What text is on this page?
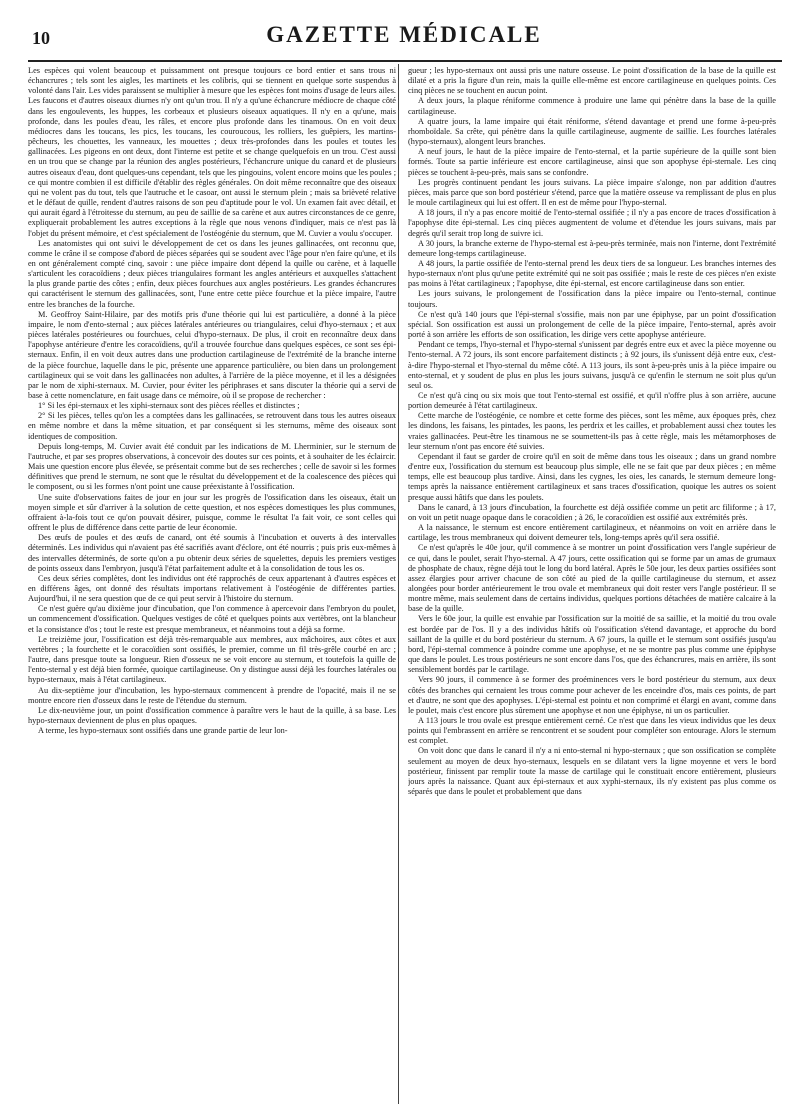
10	GAZETTE MÉDICALE

Les espèces qui volent beaucoup et puissamment ont presque toujours ce bord entier et sans trous ni échancrures ; tels sont les aigles, les martinets et les colibris, qui se tiennent en quelque sorte suspendus à volonté dans l'air. Les vides paraissent se multiplier à mesure que les espèces font moins d'usage de leurs ailes. Les faucons et d'autres oiseaux diurnes n'y ont qu'un trou. Il n'y a qu'une échancrure médiocre de chaque côté dans les engoulevents, les huppes, les corbeaux et plusieurs oiseaux aquatiques. Il n'y en a qu'une, mais profonde, dans les poules d'eau, les râles, et encore plus profonde dans les tinamous. On en voit deux médiocres dans les toucans, les pics, les toucans, les couroucous, les rolliers, les guêpiers, les martins-pêcheurs, les chouettes, les vanneaux, les mouettes ; deux très-profondes dans les poules et toutes les gallinacées. Les pigeons en ont deux, dont l'interne est petite et se change quelquefois en un trou. C'est aussi en un trou que se change par la réunion des angles postérieurs, l'échancrure unique du canard et de plusieurs autres oiseaux d'eau, dont quelques-uns cependant, tels que les pingouins, volent encore moins que les poules ; ce qui montre combien il est difficile d'établir des règles générales. On doit même reconnaître que des oiseaux qui ne volent pas du tout, tels que l'autruche et le casoar, ont aussi le sternum plein ; mais sa brièveté relative et le défaut de quille, rendent d'autres raisons de son peu d'aptitude pour le vol. Un examen fait avec détail, et qui aurait égard à l'étroitesse du sternum, au peu de saillie de sa carène et aux autres circonstances de ce genre, expliquerait probablement les autres exceptions à la règle que nous venons d'indiquer, mais ce n'est pas là l'objet du présent mémoire, et c'est spécialement de l'ostéogénie du sternum, que M. Cuvier a voulu s'occuper.

Les anatomistes qui ont suivi le développement de cet os dans les jeunes gallinacées, ont reconnu que, comme le crâne il se compose d'abord de pièces séparées qui se soudent avec l'âge pour n'en faire qu'une, et ils en ont généralement compté cinq, savoir : une pièce impaire dont dépend la quille ou carène, et à laquelle s'articulent les coracoïdiens ; deux pièces triangulaires formant les angles antérieurs et auxquelles s'attachent la plus grande partie des côtes ; enfin, deux pièces fourchues aux angles postérieurs. Les grandes échancrures qui caractérisent le sternum des gallinacées, sont, l'une entre cette pièce fourchue et la pièce impaire, l'autre entre les branches de la fourche.

M. Geoffroy Saint-Hilaire, par des motifs pris d'une théorie qui lui est particulière, a donné à la pièce impaire, le nom d'ento-sternal ; aux pièces latérales antérieures ou triangulaires, celui d'hyo-sternaux ; et aux pièces latérales postérieures ou fourchues, celui d'hypo-sternaux. De plus, il croit en reconnaître deux dans l'apophyse antérieure d'entre les coracoïdiens, qu'il a trouvée fourchue dans quelques espèces, ce sont ses épi-sternaux. Enfin, il en voit deux autres dans une production cartilagineuse de l'extrémité de la branche interne de la pièce fourchue, laquelle dans le pic, présente une apparence particulière, ou bien dans un prolongement cartilagineux qui se voit dans les gallinacées non adultes, à l'arrière de la pièce moyenne, et il les a désignées par le nom de xiphi-sternaux. M. Cuvier, pour éviter les périphrases et sans discuter la théorie qui a servi de base à cette nomenclature, en fait usage dans ce mémoire, où il se propose de rechercher :

1° Si les épi-sternaux et les xiphi-sternaux sont des pièces réelles et distinctes ;

2° Si les pièces, telles qu'on les a comptées dans les gallinacées, se retrouvent dans tous les autres oiseaux en même nombre et dans la même situation, et par conséquent si les sternums, même des oiseaux sont identiques de composition.

Depuis long-temps, M. Cuvier avait été conduit par les indications de M. Lherminier, sur le sternum de l'autruche, et par ses propres observations, à concevoir des doutes sur ces points, et à souhaiter de les éclaircir. Mais une question encore plus élevée, se présentait comme but de ses recherches ; celle de savoir si les formes définitives que prend le sternum, ne sont que le résultat du développement et de la coalescence des pièces qui le composent, ou si les formes n'ont point une cause préexistante à l'ossification.

Une suite d'observations faites de jour en jour sur les progrès de l'ossification dans les oiseaux, était un moyen simple et sûr d'arriver à la solution de cette question, et nos espèces domestiques les plus communes, offraient à-la-fois tout ce qu'on pouvait désirer, puisque, comme le résultat l'a fait voir, ce sont celles qui offrent le plus de différence dans cette partie de leur économie.

Des œufs de poules et des œufs de canard, ont été soumis à l'incubation et ouverts à des intervalles déterminés. Les individus qui n'avaient pas été sacrifiés avant d'éclore, ont été nourris ; puis pris eux-mêmes à des intervalles déterminés, de sorte qu'on a pu obtenir deux séries de squelettes, depuis les premiers vestiges de points osseux dans l'embryon, jusqu'à l'état parfaitement adulte et à la consolidation de tous les os.

Ces deux séries complètes, dont les individus ont été rapprochés de ceux appartenant à d'autres espèces et en différens âges, ont donné des résultats importans relativement à l'ostéogénie de différentes parties. Aujourd'hui, il ne sera question que de ce qui peut servir à l'histoire du sternum.

Ce n'est guère qu'au dixième jour d'incubation, que l'on commence à apercevoir dans l'embryon du poulet, un commencement d'ossification. Quelques vestiges de côté et quelques points aux vertèbres, ont la blancheur et la consistance d'os ; tout le reste est presque membraneux, et néanmoins tout a déjà sa forme.

Le treizième jour, l'ossification est déjà très-remarquable aux membres, aux mâchoires, aux côtes et aux vertèbres ; la fourchette et le coracoïdien sont ossifiés, le premier, comme un fil très-grêle courbé en arc ; l'autre, dans presque toute sa longueur. Rien d'osseux ne se voit encore au sternum, et toutefois la quille de l'ento-sternal y est déjà bien formée, quoique cartilagineuse. On y distingue aussi déjà les fourches latérales ou hypo-sternaux, mais à l'état cartilagineux.

Au dix-septième jour d'incubation, les hypo-sternaux commencent à prendre de l'opacité, mais il ne se montre encore rien d'osseux dans le reste de l'étendue du sternum.

Le dix-neuvième jour, un point d'ossification commence à paraître vers le haut de la quille, à sa base. Les hypo-sternaux deviennent de plus en plus opaques.

A terme, les hypo-sternaux sont ossifiés dans une grande partie de leur lon-

gueur ; les hypo-sternaux ont aussi pris une nature osseuse. Le point d'ossification de la base de la quille est dilaté et a pris la figure d'un rein, mais la quille elle-même est encore cartilagineuse en quelques points. Ces cinq pièces ne se touchent en aucun point.

A deux jours, la plaque réniforme commence à produire une lame qui pénètre dans la base de la quille cartilagineuse.

A quatre jours, la lame impaire qui était réniforme, s'étend davantage et prend une forme à-peu-près rhomboïdale. Sa crête, qui pénètre dans la quille cartilagineuse, augmente de saillie. Les fourches latérales (hypo-sternaux), alongent leurs branches.

A neuf jours, le haut de la pièce impaire de l'ento-sternal, et la partie supérieure de la quille sont bien formés. Toute sa partie inférieure est encore cartilagineuse, ainsi que son apophyse épi-sternale. Les cinq pièces se touchent à-peu-près, mais sans se confondre.

Les progrès continuent pendant les jours suivans. La pièce impaire s'alonge, non par addition d'autres pièces, mais parce que son bord postérieur s'étend, parce que la matière osseuse va remplissant de plus en plus le moule cartilagineux qui lui est offert. Il en est de même pour l'hypo-sternal.

A 18 jours, il n'y a pas encore moitié de l'ento-sternal ossifiée ; il n'y a pas encore de traces d'ossification à l'apophyse dite épi-sternal. Les cinq pièces augmentent de volume et d'étendue les jours suivans, mais par degrés qu'il serait trop long de suivre ici.

A 30 jours, la branche externe de l'hypo-sternal est à-peu-près terminée, mais non l'interne, dont l'extrémité demeure long-temps cartilagineuse.

A 48 jours, la partie ossifiée de l'ento-sternal prend les deux tiers de sa longueur. Les branches internes des hypo-sternaux n'ont plus qu'une petite extrémité qui ne soit pas ossifiée ; mais le reste de ces pièces n'en existe pas moins à l'état cartilagineux ; l'apophyse, dite épi-sternal, est encore cartilagineuse dans son entier.

Les jours suivans, le prolongement de l'ossification dans la pièce impaire ou l'ento-sternal, continue toujours.

Ce n'est qu'à 140 jours que l'épi-sternal s'ossifie, mais non par une épiphyse, par un point d'ossification spécial. Son ossification est aussi un prolongement de celle de la pièce impaire, l'ento-sternal, après avoir porté à son arrière les efforts de son ossification, les dirige vers cette apophyse antérieure.

Pendant ce temps, l'hyo-sternal et l'hypo-sternal s'unissent par degrés entre eux et avec la pièce moyenne ou l'ento-sternal. A 72 jours, ils sont encore parfaitement distincts ; à 92 jours, ils s'unissent déjà entre eux, c'est-à-dire l'hypo-sternal et l'hyo-sternal du même côté. A 113 jours, ils sont à-peu-près unis à la pièce impaire ou ento-sternal, et y soudent de plus en plus les jours suivans, jusqu'à ce qu'enfin le sternum ne soit plus qu'un seul os.

Ce n'est qu'à cinq ou six mois que tout l'ento-sternal est ossifié, et qu'il n'offre plus à son arrière, aucune portion demeurée à l'état cartilagineux.

Cette marche de l'ostéogénie, ce nombre et cette forme des pièces, sont les même, aux époques près, chez les dindons, les faisans, les pintades, les paons, les perdrix et les cailles, et probablement aussi chez toutes les vraies gallinacées. Peut-être les tinamous ne se soumettent-ils pas à cette règle, mais les métamorphoses de leur sternum n'ont pas encore été suivies.

Cependant il faut se garder de croire qu'il en soit de même dans tous les oiseaux ; dans un grand nombre d'entre eux, l'ossification du sternum est beaucoup plus simple, elle ne se fait que par deux pièces ; en même temps, elle est beaucoup plus tardive. Ainsi, dans les cygnes, les oies, les canards, le sternum demeure long-temps après la naissance entièrement cartilagineux et sans traces d'ossification, quoique les autres os soient presque aussi hâtifs que dans les poulets.

Dans le canard, à 13 jours d'incubation, la fourchette est déjà ossifiée comme un petit arc filiforme ; à 17, on voit un petit nuage opaque dans le coracoïdien ; à 26, le coracoïdien est ossifié aux extrémités près.

A la naissance, le sternum est encore entièrement cartilagineux, et néanmoins on voit en arrière dans le cartilage, les trous membraneux qui doivent demeurer tels, long-temps après qu'il sera ossifié.

Ce n'est qu'après le 40e jour, qu'il commence à se montrer un point d'ossification vers l'angle supérieur de ce qui, dans le poulet, serait l'hyo-sternal. A 47 jours, cette ossification qui se forme par un amas de grumaux de phosphate de chaux, règne déjà tout le long du bord latéral. Après le 50e jour, les deux parties ossifiées sont assez élargies pour arriver chacune de son côté au pied de la quille cartilagineuse du sternum, et assez alongées pour border antérieurement le trou ovale et membraneux qui doit rester vers l'angle postérieur. Il se montre même, mais seulement dans de certains individus, quelques portions détachées de matière calcaire à la base de la quille.

Vers le 60e jour, la quille est envahie par l'ossification sur la moitié de sa saillie, et la moitié du trou ovale est bordée par de l'os. Il y a des individus hâtifs où l'ossification s'étend davantage, et approche du bord saillant de la quille et du bord postérieur du sternum. A 67 jours, la quille et le sternum sont ossifiés jusqu'au bord, l'épi-sternal commence à poindre comme une apophyse, et ne se montre pas plus comme une épiphyse que dans le poulet. Les trous postérieurs ne sont encore dans l'os, que des échancrures, mais en arrière, ils sont sensiblement bordés par le cartilage.

Vers 90 jours, il commence à se former des proéminences vers le bord postérieur du sternum, aux deux côtés des branches qui cernaient les trous comme pour achever de les enceindre d'os, mais ces points, de part et d'autre, ne sont que des apophyses. L'épi-sternal est pointu et non comprimé et élargi en avant, comme dans le poulet, mais c'est encore plus sûrement une apophyse et non une épiphyse, ni un os particulier.

A 113 jours le trou ovale est presque entièrement cerné. Ce n'est que dans les vieux individus que les deux points qui l'embrassent en arrière se rencontrent et se soudent pour compléter son entourage. Alors le sternum est complet.

On voit donc que dans le canard il n'y a ni ento-sternal ni hypo-sternaux ; que son ossification se complète seulement au moyen de deux hyo-sternaux, lesquels en se dilatant vers la ligne moyenne et vers le bord postérieur, finissent par remplir toute la masse de cartilage qui le constituait encore entièrement, plusieurs jours après la naissance. Quant aux épi-sternaux et aux xyphi-sternaux, ils n'y existent pas plus comme os séparés que dans le poulet et probablement que dans
